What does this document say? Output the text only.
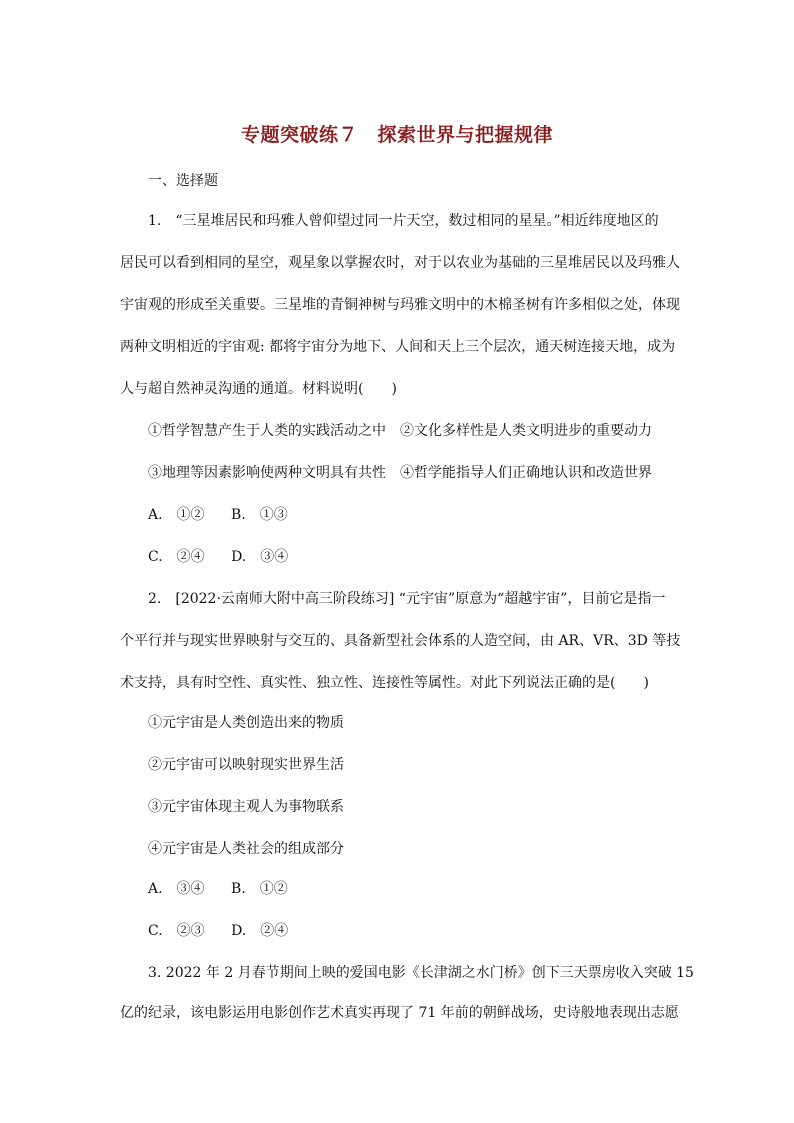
专题突破练７　探索世界与把握规律
一、选择题
1.　“三星堆居民和玛雅人曾仰望过同一片天空，数过相同的星星。”相近纬度地区的
居民可以看到相同的星空，观星象以掌握农时，对于以农业为基础的三星堆居民以及玛雅人
宇宙观的形成至关重要。三星堆的青铜神树与玛雅文明中的木棉圣树有许多相似之处，体现
两种文明相近的宇宙观: 都将宇宙分为地下、人间和天上三个层次，通天树连接天地，成为
人与超自然神灵沟通的通道。材料说明(　　)
①哲学智慧产生于人类的实践活动之中　②文化多样性是人类文明进步的重要动力
③地理等因素影响使两种文明具有共性　④哲学能指导人们正确地认识和改造世界
A.　①② B.　①③
C.　②④ D.　③④
2.　[2022·云南师大附中高三阶段练习] “元宇宙”原意为“超越宇宙”，目前它是指一
个平行并与现实世界映射与交互的、具备新型社会体系的人造空间，由 AR、VR、3D 等技
术支持，具有时空性、真实性、独立性、连接性等属性。对此下列说法正确的是(　　)
①元宇宙是人类创造出来的物质
②元宇宙可以映射现实世界生活
③元宇宙体现主观人为事物联系
④元宇宙是人类社会的组成部分
A.　③④ B.　①②
C.　②③ D.　②④
3. 2022 年 2 月春节期间上映的爱国电影《长津湖之水门桥》创下三天票房收入突破 15
亿的纪录，该电影运用电影创作艺术真实再现了 71 年前的朝鲜战场，史诗般地表现出志愿
